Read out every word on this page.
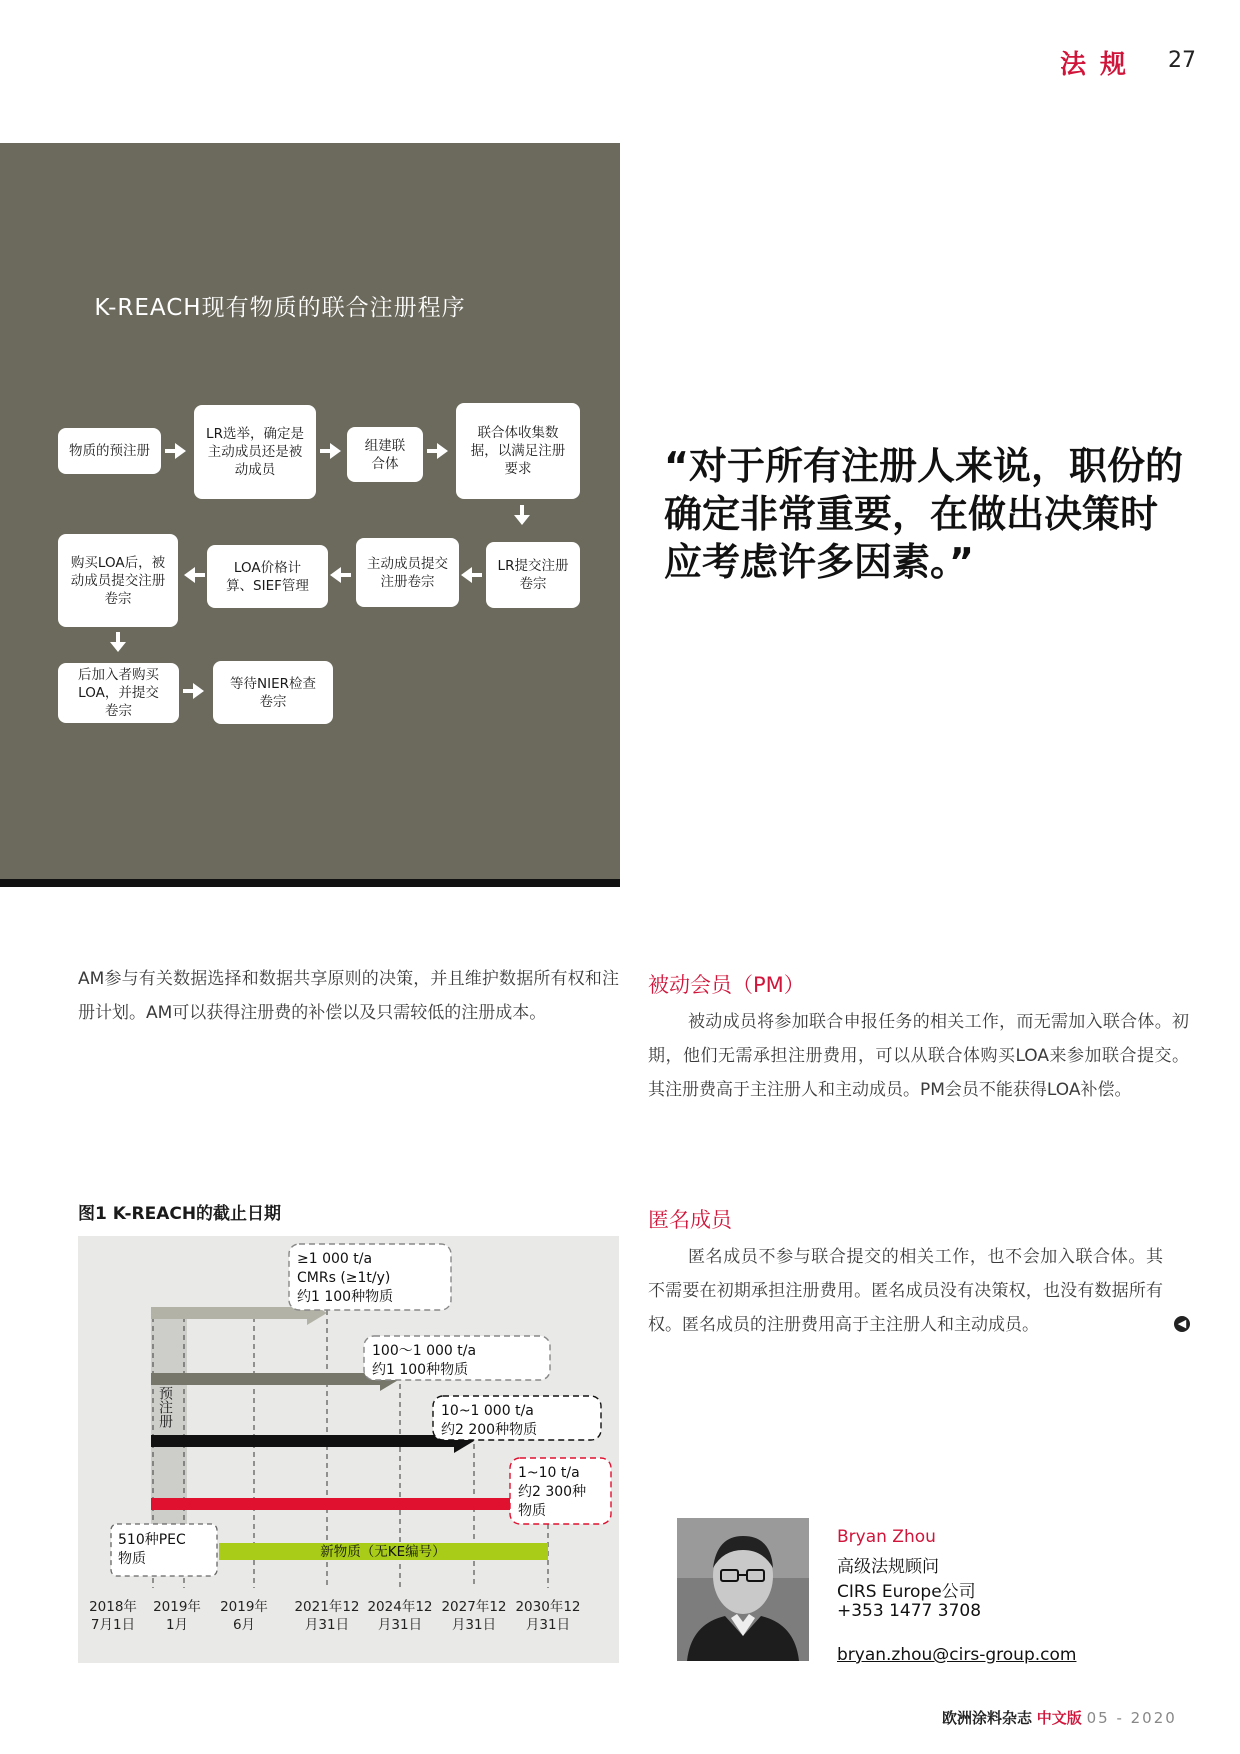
法规 27
K-REACH现有物质的联合注册程序
物质的预注册
LR选举，确定是
主动成员还是被
动成员
组建联
合体
联合体收集数
据，以满足注册
要求
LR提交注册
卷宗
主动成员提交
注册卷宗
LOA价格计
算、SIEF管理
购买LOA后，被
动成员提交注册
卷宗
后加入者购买
LOA，并提交
卷宗
等待NIER检查
卷宗
“对于所有注册人来说，职份的确定非常重要，在做出决策时应考虑许多因素。”
AM参与有关数据选择和数据共享原则的决策，并且维护数据所有权和注册计划。AM可以获得注册费的补偿以及只需较低的注册成本。
被动会员（PM）
被动成员将参加联合申报任务的相关工作，而无需加入联合体。初期，他们无需承担注册费用，可以从联合体购买LOA来参加联合提交。其注册费高于主注册人和主动成员。PM会员不能获得LOA补偿。
匿名成员
匿名成员不参与联合提交的相关工作，也不会加入联合体。其不需要在初期承担注册费用。匿名成员没有决策权，也没有数据所有权。匿名成员的注册费用高于主注册人和主动成员。	◀
图1 K-REACH的截止日期
预注册
≥1 000 t/a
CMRs (≥1t/y)
约1 100种物质
100～1 000 t/a
约1 100种物质
10~1 000 t/a
约2 200种物质
1~10 t/a
约2 300种
物质
新物质（无KE编号）
510种PEC
物质
2018年
7月1日
2019年
1月
2019年
6月
2021年12
月31日
2024年12
月31日
2027年12
月31日
2030年12
月31日
Bryan Zhou
高级法规顾问
CIRS Europe公司
+353 1477 3708
bryan.zhou@cirs-group.com
欧洲涂料杂志 中文版 05 - 2020
